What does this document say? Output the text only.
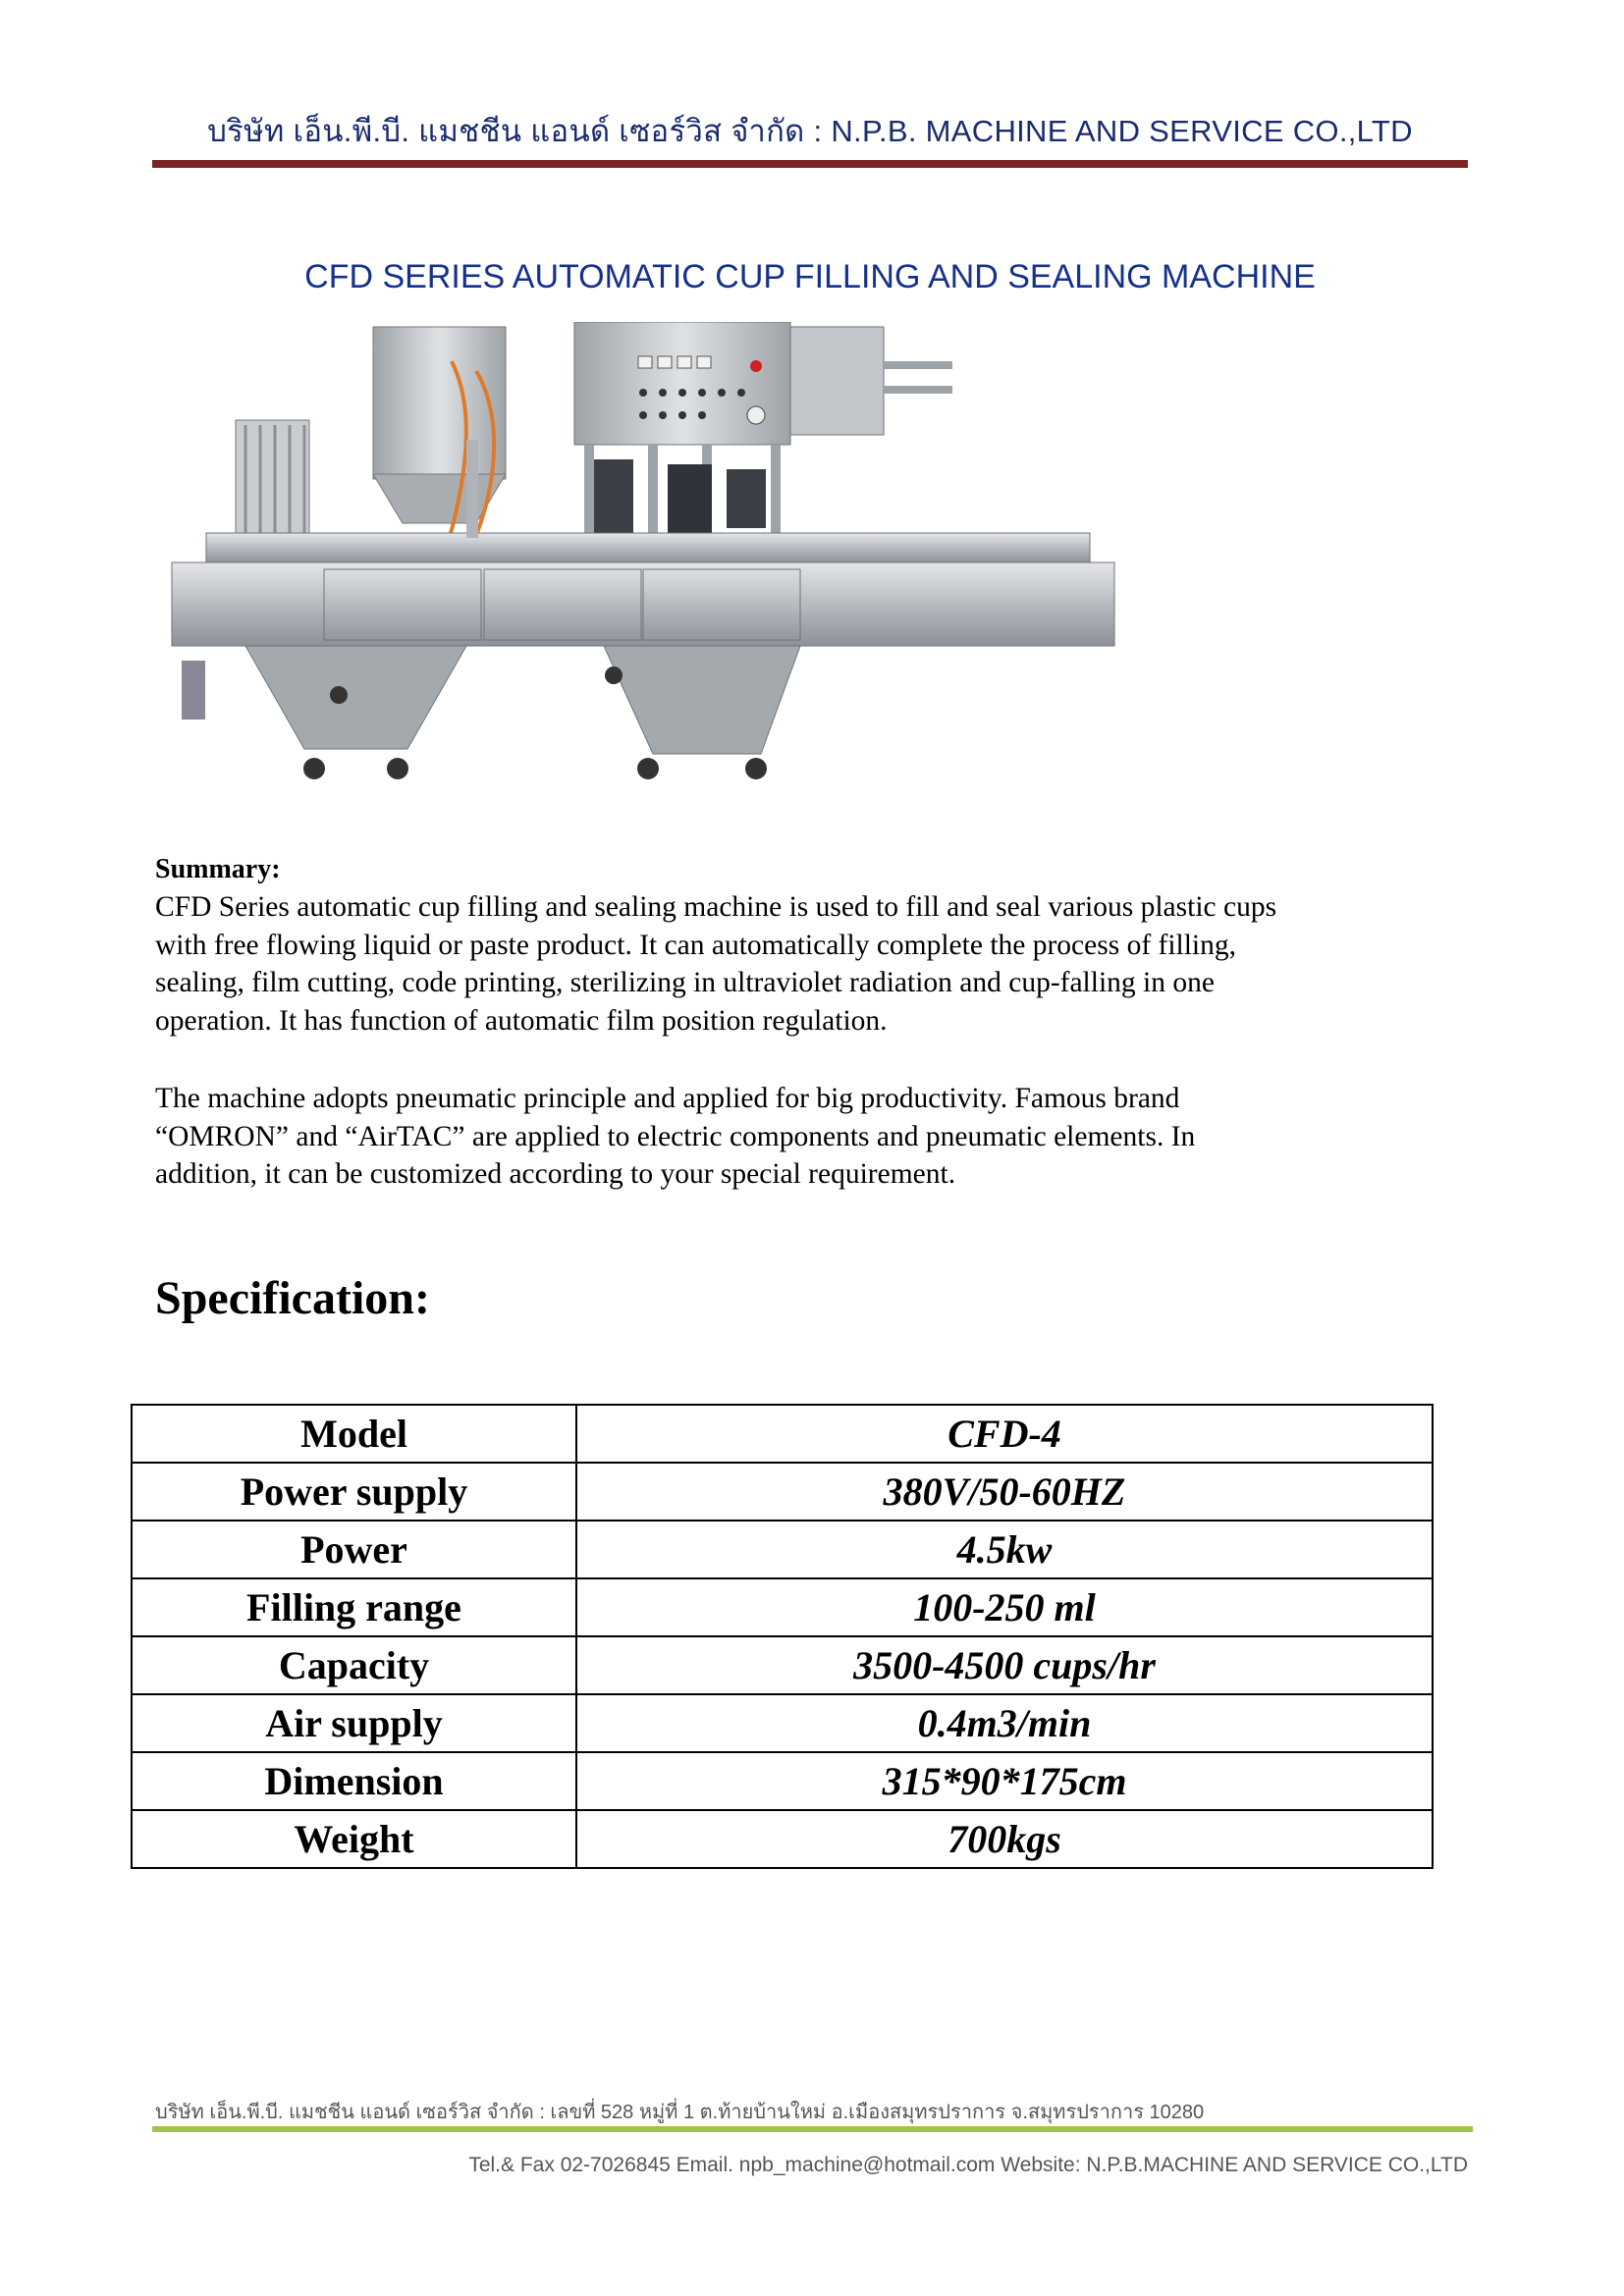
บริษัท เอ็น.พี.บี. แมชชีน แอนด์ เซอร์วิส จำกัด : N.P.B. MACHINE AND SERVICE CO.,LTD
CFD SERIES AUTOMATIC CUP FILLING AND SEALING MACHINE
Summary:
CFD Series automatic cup filling and sealing machine is used to fill and seal various plastic cups
with free flowing liquid or paste product. It can automatically complete the process of filling,
sealing, film cutting, code printing, sterilizing in ultraviolet radiation and cup-falling in one
operation. It has function of automatic film position regulation.
The machine adopts pneumatic principle and applied for big productivity. Famous brand
“OMRON” and “AirTAC” are applied to electric components and pneumatic elements. In
addition, it can be customized according to your special requirement.
Specification:
Model	CFD-4
Power supply	380V/50-60HZ
Power	4.5kw
Filling range	100-250 ml
Capacity	3500-4500 cups/hr
Air supply	0.4m3/min
Dimension	315*90*175cm
Weight	700kgs
บริษัท เอ็น.พี.บี. แมชชีน แอนด์ เซอร์วิส จำกัด : เลขที่ 528 หมู่ที่ 1 ต.ท้ายบ้านใหม่ อ.เมืองสมุทรปราการ จ.สมุทรปราการ 10280
Tel.& Fax 02-7026845 Email. npb_machine@hotmail.com Website: N.P.B.MACHINE AND SERVICE CO.,LTD
